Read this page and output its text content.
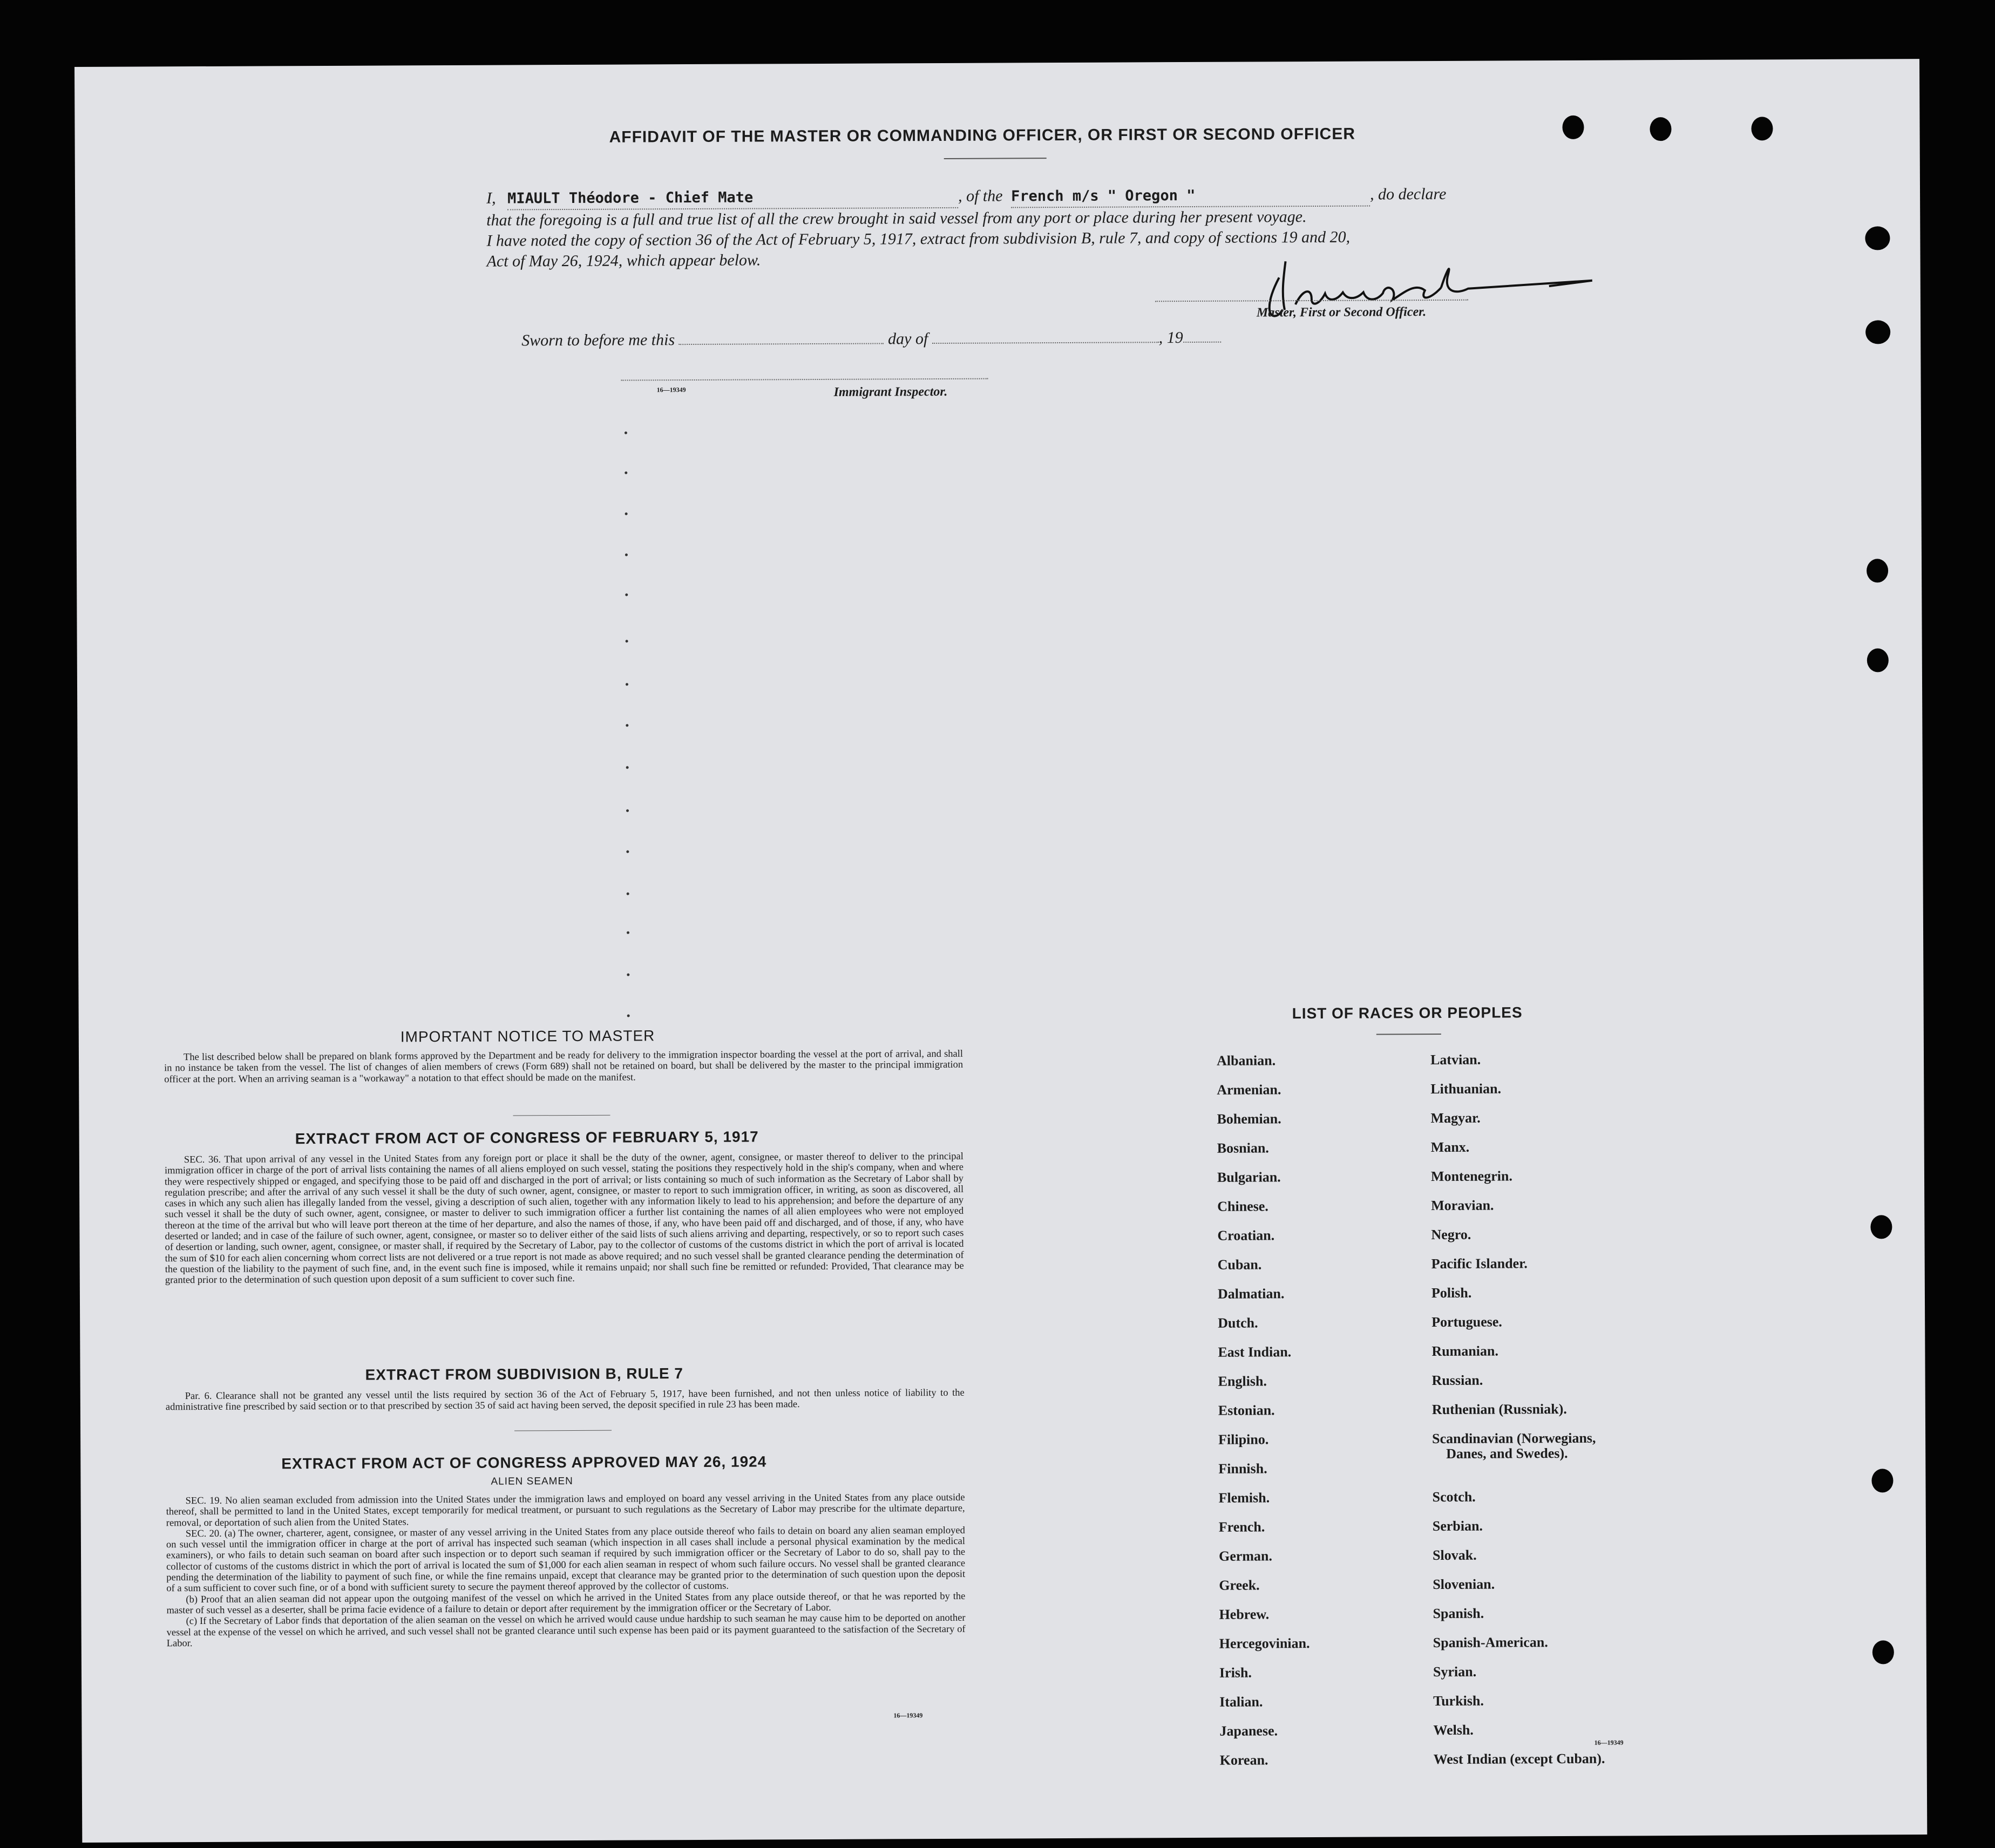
AFFIDAVIT OF THE MASTER OR COMMANDING OFFICER, OR FIRST OR SECOND OFFICER
I, MIAULT Théodore - Chief Mate	, of the French m/s " Oregon "	, do declare
that the foregoing is a full and true list of all the crew brought in said vessel from any port or place during her present voyage.
I have noted the copy of section 36 of the Act of February 5, 1917, extract from subdivision B, rule 7, and copy of sections 19 and 20,
Act of May 26, 1924, which appear below.
Master, First or Second Officer.
Sworn to before me this	day of	, 19
16—19349	Immigrant Inspector.
IMPORTANT NOTICE TO MASTER

The list described below shall be prepared on blank forms approved by the Department and be ready for delivery to the immigration inspector boarding the vessel at the port of arrival, and shall in no instance be taken from the vessel. The list of changes of alien members of crews (Form 689) shall not be retained on board, but shall be delivered by the master to the principal immigration officer at the port. When an arriving seaman is a "workaway" a notation to that effect should be made on the manifest.

EXTRACT FROM ACT OF CONGRESS OF FEBRUARY 5, 1917

SEC. 36. That upon arrival of any vessel in the United States from any foreign port or place it shall be the duty of the owner, agent, consignee, or master thereof to deliver to the principal immigration officer in charge of the port of arrival lists containing the names of all aliens employed on such vessel, stating the positions they respectively hold in the ship's company, when and where they were respectively shipped or engaged, and specifying those to be paid off and discharged in the port of arrival; or lists containing so much of such information as the Secretary of Labor shall by regulation prescribe; and after the arrival of any such vessel it shall be the duty of such owner, agent, consignee, or master to report to such immigration officer, in writing, as soon as discovered, all cases in which any such alien has illegally landed from the vessel, giving a description of such alien, together with any information likely to lead to his apprehension; and before the departure of any such vessel it shall be the duty of such owner, agent, consignee, or master to deliver to such immigration officer a further list containing the names of all alien employees who were not employed thereon at the time of the arrival but who will leave port thereon at the time of her departure, and also the names of those, if any, who have been paid off and discharged, and of those, if any, who have deserted or landed; and in case of the failure of such owner, agent, consignee, or master so to deliver either of the said lists of such aliens arriving and departing, respectively, or so to report such cases of desertion or landing, such owner, agent, consignee, or master shall, if required by the Secretary of Labor, pay to the collector of customs of the customs district in which the port of arrival is located the sum of $10 for each alien concerning whom correct lists are not delivered or a true report is not made as above required; and no such vessel shall be granted clearance pending the determination of the question of the liability to the payment of such fine, and, in the event such fine is imposed, while it remains unpaid; nor shall such fine be remitted or refunded: Provided, That clearance may be granted prior to the determination of such question upon deposit of a sum sufficient to cover such fine.

EXTRACT FROM SUBDIVISION B, RULE 7

Par. 6. Clearance shall not be granted any vessel until the lists required by section 36 of the Act of February 5, 1917, have been furnished, and not then unless notice of liability to the administrative fine prescribed by said section or to that prescribed by section 35 of said act having been served, the deposit specified in rule 23 has been made.

EXTRACT FROM ACT OF CONGRESS APPROVED MAY 26, 1924
ALIEN SEAMEN

SEC. 19. No alien seaman excluded from admission into the United States under the immigration laws and employed on board any vessel arriving in the United States from any place outside thereof, shall be permitted to land in the United States, except temporarily for medical treatment, or pursuant to such regulations as the Secretary of Labor may prescribe for the ultimate departure, removal, or deportation of such alien from the United States.

SEC. 20. (a) The owner, charterer, agent, consignee, or master of any vessel arriving in the United States from any place outside thereof who fails to detain on board any alien seaman employed on such vessel until the immigration officer in charge at the port of arrival has inspected such seaman (which inspection in all cases shall include a personal physical examination by the medical examiners), or who fails to detain such seaman on board after such inspection or to deport such seaman if required by such immigration officer or the Secretary of Labor to do so, shall pay to the collector of customs of the customs district in which the port of arrival is located the sum of $1,000 for each alien seaman in respect of whom such failure occurs. No vessel shall be granted clearance pending the determination of the liability to payment of such fine, or while the fine remains unpaid, except that clearance may be granted prior to the determination of such question upon the deposit of a sum sufficient to cover such fine, or of a bond with sufficient surety to secure the payment thereof approved by the collector of customs.

(b) Proof that an alien seaman did not appear upon the outgoing manifest of the vessel on which he arrived in the United States from any place outside thereof, or that he was reported by the master of such vessel as a deserter, shall be prima facie evidence of a failure to detain or deport after requirement by the immigration officer or the Secretary of Labor.

(c) If the Secretary of Labor finds that deportation of the alien seaman on the vessel on which he arrived would cause undue hardship to such seaman he may cause him to be deported on another vessel at the expense of the vessel on which he arrived, and such vessel shall not be granted clearance until such expense has been paid or its payment guaranteed to the satisfaction of the Secretary of Labor.

16—19349
LIST OF RACES OR PEOPLES
Albanian.
Armenian.
Bohemian.
Bosnian.
Bulgarian.
Chinese.
Croatian.
Cuban.
Dalmatian.
Dutch.
East Indian.
English.
Estonian.
Filipino.
Finnish.
Flemish.
French.
German.
Greek.
Hebrew.
Hercegovinian.
Irish.
Italian.
Japanese.
Korean.
Latvian.
Lithuanian.
Magyar.
Manx.
Montenegrin.
Moravian.
Negro.
Pacific Islander.
Polish.
Portuguese.
Rumanian.
Russian.
Ruthenian (Russniak).
Scandinavian (Norwegians,
Danes, and Swedes).
Scotch.
Serbian.
Slovak.
Slovenian.
Spanish.
Spanish-American.
Syrian.
Turkish.
Welsh.
West Indian (except Cuban).
16—19349
